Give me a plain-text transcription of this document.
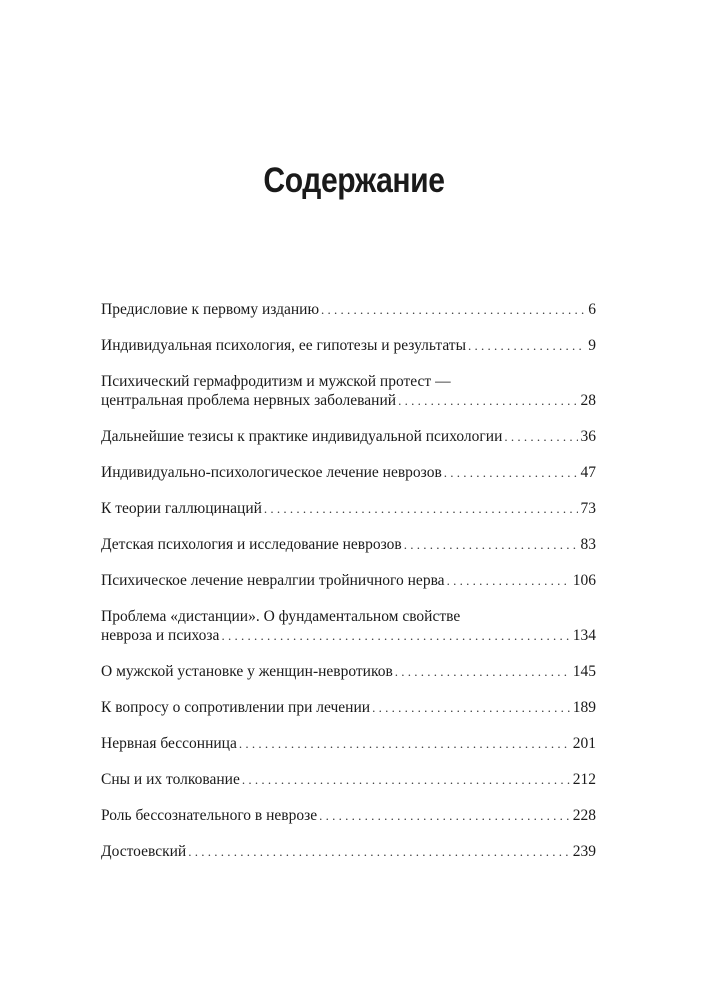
Содержание
Предисловие к первому изданию . . .	6
Индивидуальная психология, ее гипотезы и результаты . . .	9
Психический гермафродитизм и мужской протест —
центральная проблема нервных заболеваний . . .	28
Дальнейшие тезисы к практике индивидуальной психологии . . .	36
Индивидуально-психологическое лечение неврозов . . .	47
К теории галлюцинаций . . .	73
Детская психология и исследование неврозов . . .	83
Психическое лечение невралгии тройничного нерва . . .	106
Проблема «дистанции». О фундаментальном свойстве
невроза и психоза . . .	134
О мужской установке у женщин-невротиков . . .	145
К вопросу о сопротивлении при лечении . . .	189
Нервная бессонница . . .	201
Сны и их толкование . . .	212
Роль бессознательного в неврозе . . .	228
Достоевский . . .	239
